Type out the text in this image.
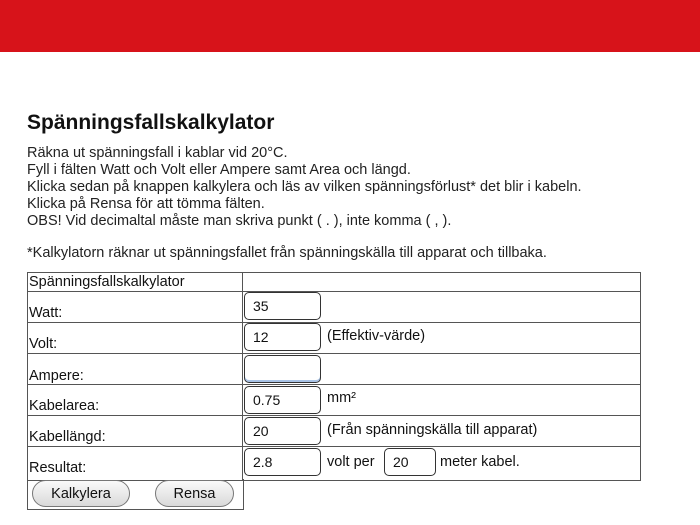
Spänningsfallskalkylator
Räkna ut spänningsfall i kablar vid 20°C.
Fyll i fälten Watt och Volt eller Ampere samt Area och längd.
Klicka sedan på knappen kalkylera och läs av vilken spänningsförlust* det blir i kabeln.
Klicka på Rensa för att tömma fälten.
OBS! Vid decimaltal måste man skriva punkt ( . ), inte komma ( , ).
*Kalkylatorn räknar ut spänningsfallet från spänningskälla till apparat och tillbaka.
Spänningsfallskalkylator
Watt:
35
Volt:
12	(Effektiv-värde)
Ampere:
Kabelarea:
0.75	mm²
Kabellängd:
20	(Från spänningskälla till apparat)
Resultat:
2.8	volt per
20	meter kabel.
Kalkylera	Rensa
